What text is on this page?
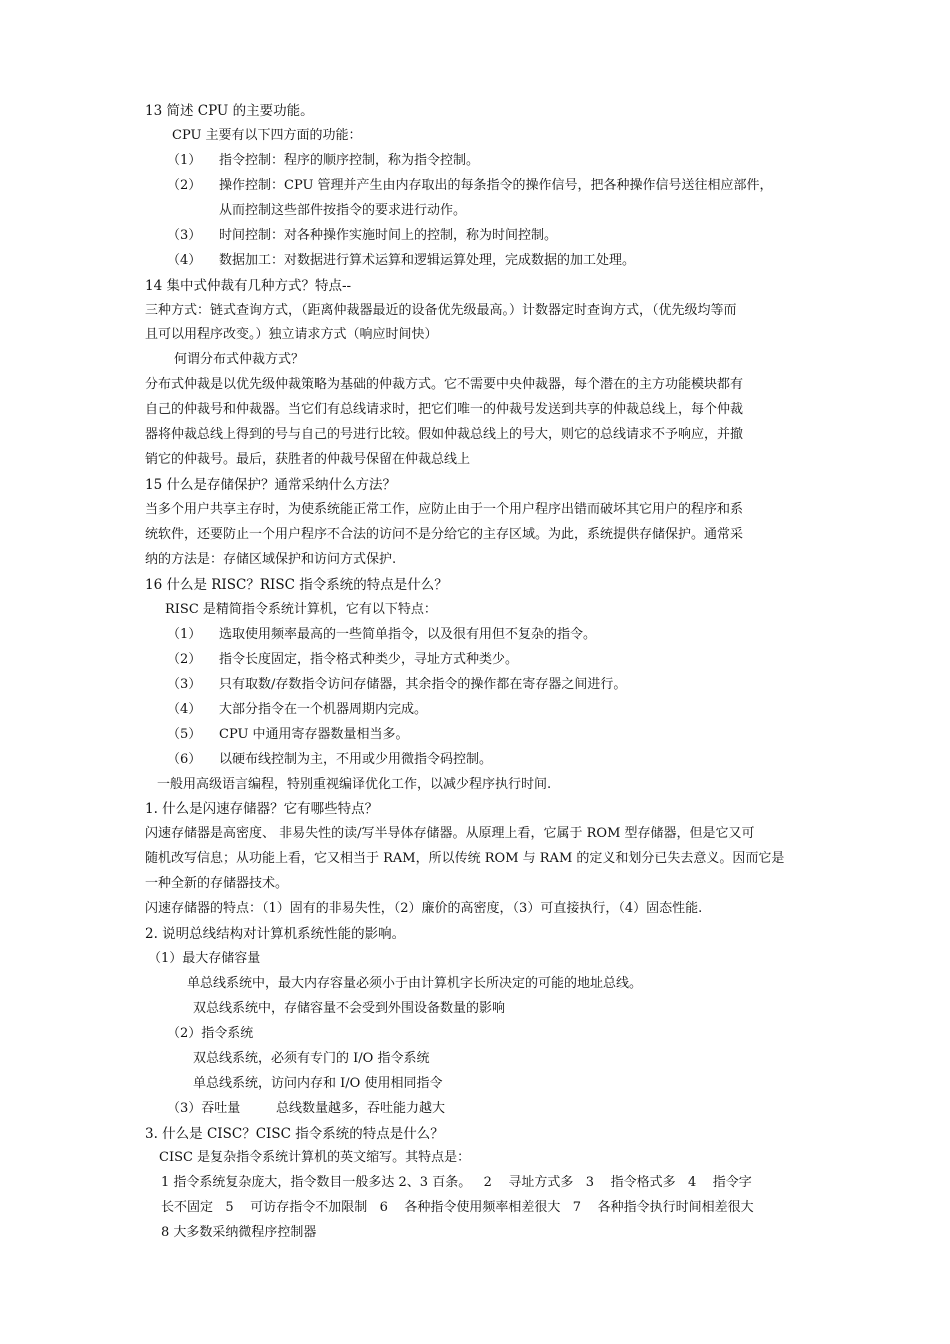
13 简述 CPU 的主要功能。
CPU 主要有以下四方面的功能：
（1） 指令控制：程序的顺序控制，称为指令控制。
（2） 操作控制：CPU 管理并产生由内存取出的每条指令的操作信号，把各种操作信号送往相应部件，
从而控制这些部件按指令的要求进行动作。
（3） 时间控制：对各种操作实施时间上的控制，称为时间控制。
（4） 数据加工：对数据进行算术运算和逻辑运算处理，完成数据的加工处理。
14 集中式仲裁有几种方式？特点--
三种方式：链式查询方式，（距离仲裁器最近的设备优先级最高。）计数器定时查询方式，（优先级均等而
且可以用程序改变。）独立请求方式（响应时间快）
何谓分布式仲裁方式？
分布式仲裁是以优先级仲裁策略为基础的仲裁方式。它不需要中央仲裁器，每个潜在的主方功能模块都有
自己的仲裁号和仲裁器。当它们有总线请求时，把它们唯一的仲裁号发送到共享的仲裁总线上，每个仲裁
器将仲裁总线上得到的号与自己的号进行比较。假如仲裁总线上的号大，则它的总线请求不予响应，并撤
销它的仲裁号。最后，获胜者的仲裁号保留在仲裁总线上
15 什么是存储保护？通常采纳什么方法？
当多个用户共享主存时，为使系统能正常工作，应防止由于一个用户程序出错而破坏其它用户的程序和系
统软件，还要防止一个用户程序不合法的访问不是分给它的主存区域。为此，系统提供存储保护。通常采
纳的方法是：存储区域保护和访问方式保护.
16 什么是 RISC？RISC 指令系统的特点是什么？
RISC 是精简指令系统计算机，它有以下特点：
（1） 选取使用频率最高的一些简单指令，以及很有用但不复杂的指令。
（2） 指令长度固定，指令格式种类少，寻址方式种类少。
（3） 只有取数/存数指令访问存储器，其余指令的操作都在寄存器之间进行。
（4） 大部分指令在一个机器周期内完成。
（5） CPU 中通用寄存器数量相当多。
（6） 以硬布线控制为主，不用或少用微指令码控制。
一般用高级语言编程，特别重视编译优化工作，以减少程序执行时间.
1. 什么是闪速存储器？它有哪些特点？
闪速存储器是高密度、 非易失性的读/写半导体存储器。从原理上看，它属于 ROM 型存储器，但是它又可
随机改写信息；从功能上看，它又相当于 RAM，所以传统 ROM 与 RAM 的定义和划分已失去意义。因而它是
一种全新的存储器技术。
闪速存储器的特点：（1）固有的非易失性，（2）廉价的高密度，（3）可直接执行，（4）固态性能.
2. 说明总线结构对计算机系统性能的影响。
（1）最大存储容量
单总线系统中，最大内存容量必须小于由计算机字长所决定的可能的地址总线。
双总线系统中，存储容量不会受到外围设备数量的影响
（2）指令系统
双总线系统，必须有专门的 I/O 指令系统
单总线系统，访问内存和 I/O 使用相同指令
（3）吞吐量	总线数量越多，吞吐能力越大
3. 什么是 CISC？CISC 指令系统的特点是什么？
CISC 是复杂指令系统计算机的英文缩写。其特点是：
1 指令系统复杂庞大，指令数目一般多达 2、3 百条。   2    寻址方式多   3    指令格式多   4    指令字
长不固定   5    可访存指令不加限制   6    各种指令使用频率相差很大   7    各种指令执行时间相差很大
8 大多数采纳微程序控制器
